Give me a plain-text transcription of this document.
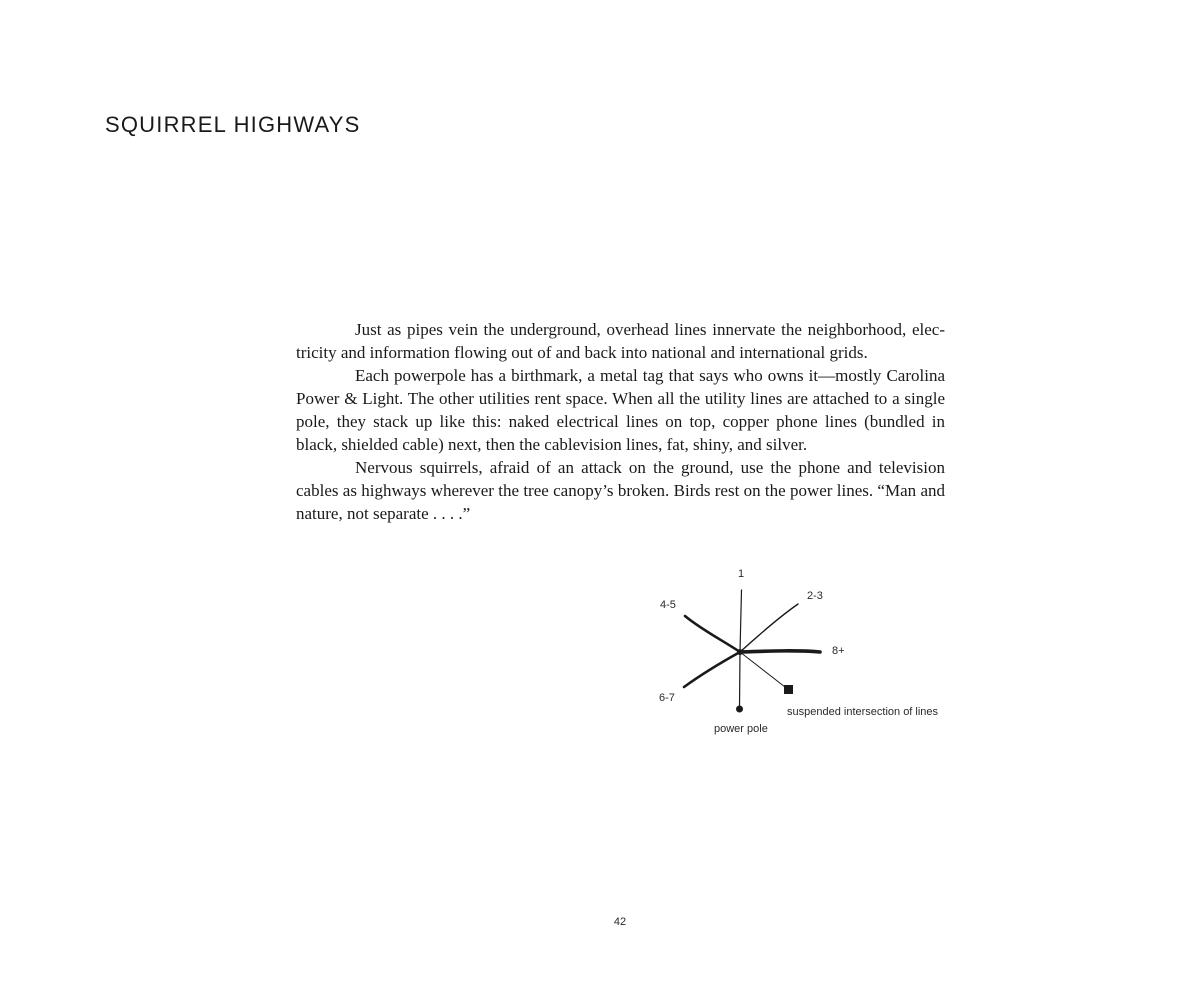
SQUIRREL HIGHWAYS

Just as pipes vein the underground, overhead lines innervate the neighborhood, elec-tricity and information flowing out of and back into national and international grids.

Each powerpole has a birthmark, a metal tag that says who owns it—mostly Carolina Power & Light. The other utilities rent space. When all the utility lines are attached to a single pole, they stack up like this: naked electrical lines on top, copper phone lines (bundled in black, shielded cable) next, then the cablevision lines, fat, shiny, and silver.

Nervous squirrels, afraid of an attack on the ground, use the phone and television cables as highways wherever the tree canopy’s broken. Birds rest on the power lines. “Man and nature, not separate . . . .”

1
2-3
4-5
8+
6-7
suspended intersection of lines
power pole
42
